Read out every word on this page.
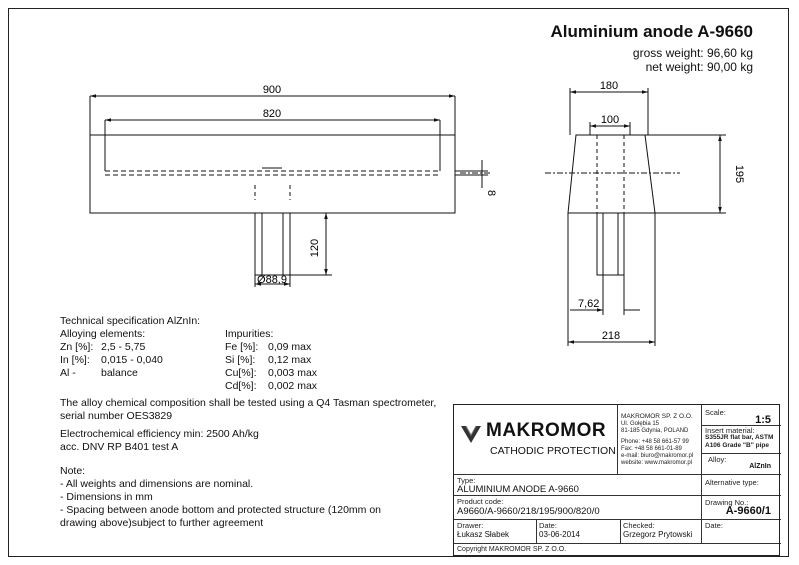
Aluminium anode A-9660
gross weight: 96,60 kg
net weight: 90,00 kg
900
820
8
120
Ø88,9
180
100
195
7,62
218
Technical specification AlZnIn:
Alloying elements:
Zn [%]: 2,5 - 5,75
In [%]: 0,015 - 0,040
Al - balance
Impurities:
Fe [%]: 0,09 max
Si [%]: 0,12 max
Cu[%]: 0,003 max
Cd[%]: 0,002 max
The alloy chemical composition shall be tested using a Q4 Tasman spectrometer,
serial number OES3829
Electrochemical efficiency min: 2500 Ah/kg
acc. DNV RP B401 test A
Note:
- All weights and dimensions are nominal.
- Dimensions in mm
- Spacing between anode bottom and protected structure (120mm on
drawing above)subject to further agreement
MAKROMOR
CATHODIC PROTECTION
MAKROMOR SP. Z O.O.
Ul. Gołębia 15
81-185 Gdynia, POLAND
Phone: +48 58 661-57 99
Fax: +48 58 661-01-89
e-mail: biuro@makromor.pl
website: www.makromor.pl
Scale:
1:5
Insert material:
S355JR flat bar, ASTM
A106 Grade "B" pipe
Alloy:
AlZnIn
Type:
ALUMINIUM ANODE A-9660
Alternative type:
Product code:
A9660/A-9660/218/195/900/820/0
Drawing No.:
A-9660/1
Drawer:
Łukasz Słabek
Date:
03-06-2014
Checked:
Grzegorz Prytowski
Date:
Copyright MAKROMOR SP. Z O.O.
